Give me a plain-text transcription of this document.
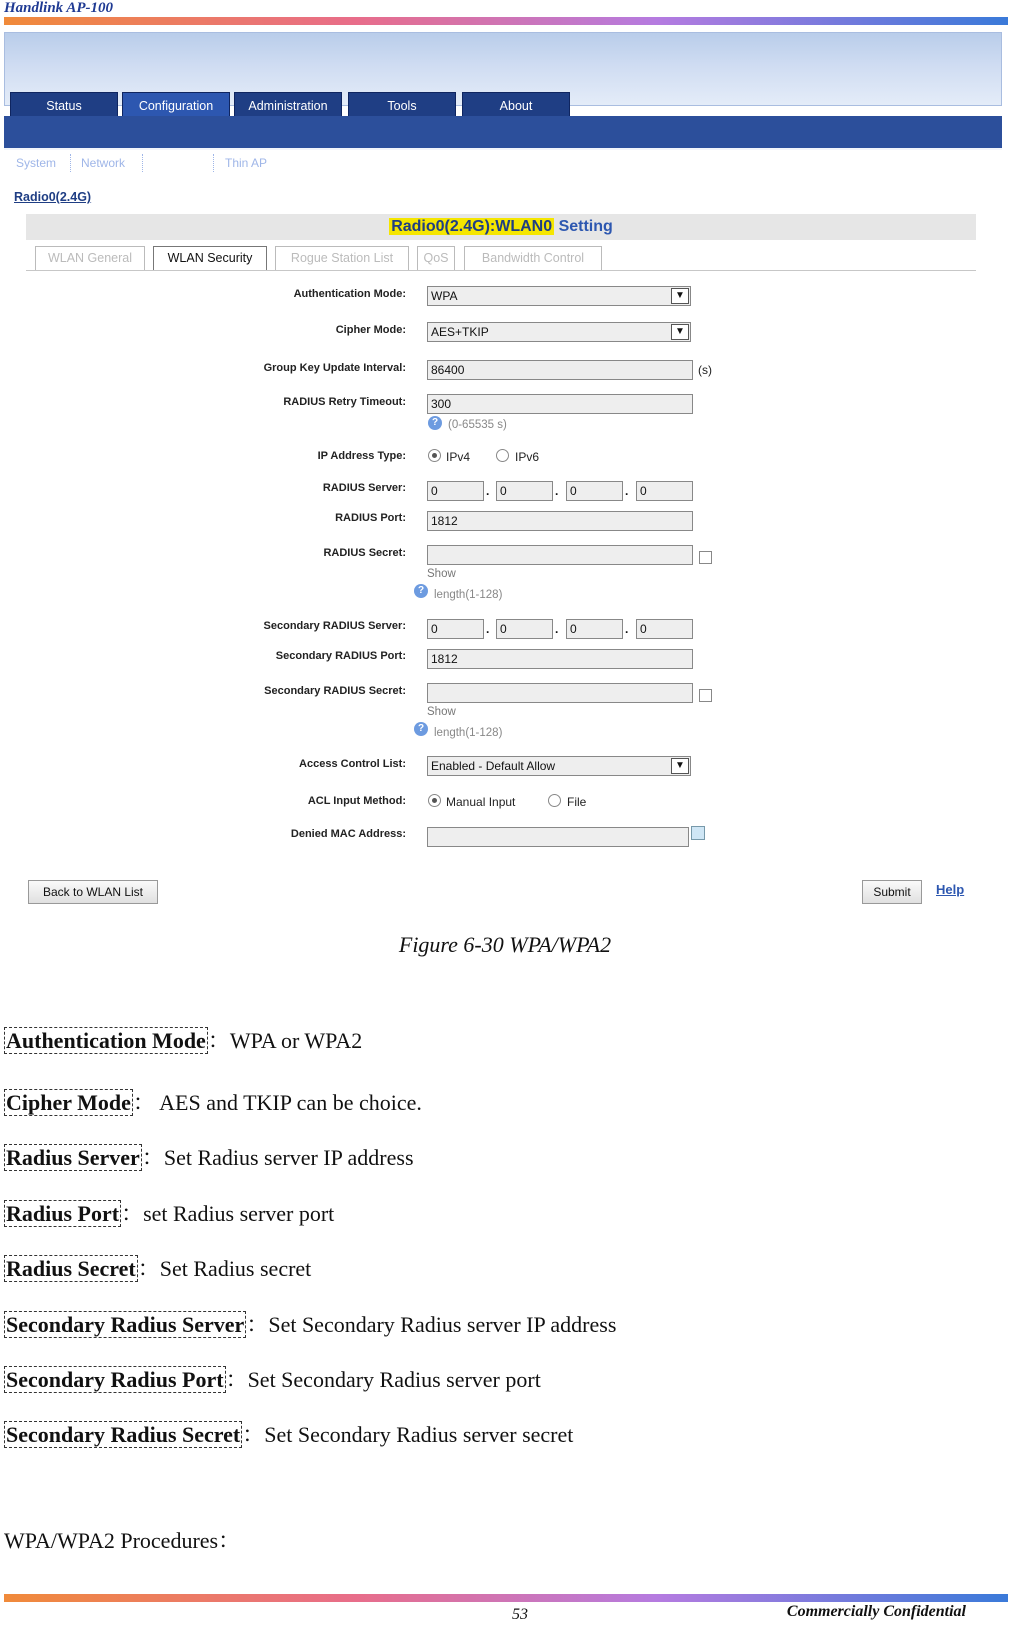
Handlink AP-100
Status	Configuration	Administration	Tools	About
System Network Wireless Thin AP
Radio0(2.4G)
Radio0(2.4G):WLAN0 Setting
WLAN General	WLAN Security	Rogue Station List	QoS	Bandwidth Control
Authentication Mode:	WPA	▼
Cipher Mode:	AES+TKIP	▼
Group Key Update Interval:	86400	(s)
RADIUS Retry Timeout:	300
? (0-65535 s)
IP Address Type:	IPv4	IPv6
RADIUS Server:	0	. 0	. 0	. 0
RADIUS Port:	1812
RADIUS Secret:
Show
? length(1-128)
Secondary RADIUS Server:	0	. 0	. 0	. 0
Secondary RADIUS Port:	1812
Secondary RADIUS Secret:
Show
? length(1-128)
Access Control List:	Enabled - Default Allow	▼
ACL Input Method:	Manual Input	File
Denied MAC Address:
Back to WLAN List	Submit	Help
Figure 6-30 WPA/WPA2
Authentication Mode：WPA or WPA2
Cipher Mode： AES and TKIP can be choice.
Radius Server：Set Radius server IP address
Radius Port：set Radius server port
Radius Secret：Set Radius secret
Secondary Radius Server：Set Secondary Radius server IP address
Secondary Radius Port：Set Secondary Radius server port
Secondary Radius Secret：Set Secondary Radius server secret
WPA/WPA2 Procedures：
53	Commercially Confidential
